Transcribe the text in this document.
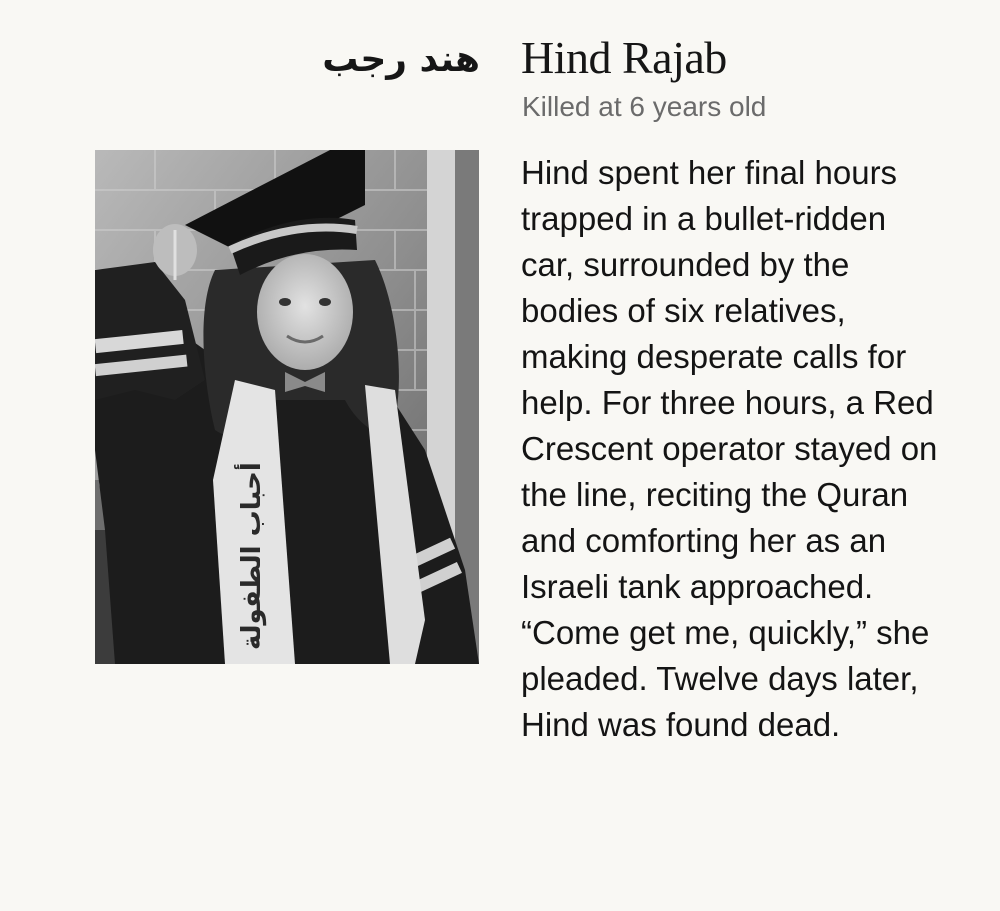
هند رجب Hind Rajab
Killed at 6 years old
أحباب الطفولة

Hind spent her final hours trapped in a bullet-ridden car, surrounded by the bodies of six relatives, making desperate calls for help. For three hours, a Red Crescent operator stayed on the line, reciting the Quran and comforting her as an Israeli tank approached. “Come get me, quickly,” she pleaded. Twelve days later, Hind was found dead.
